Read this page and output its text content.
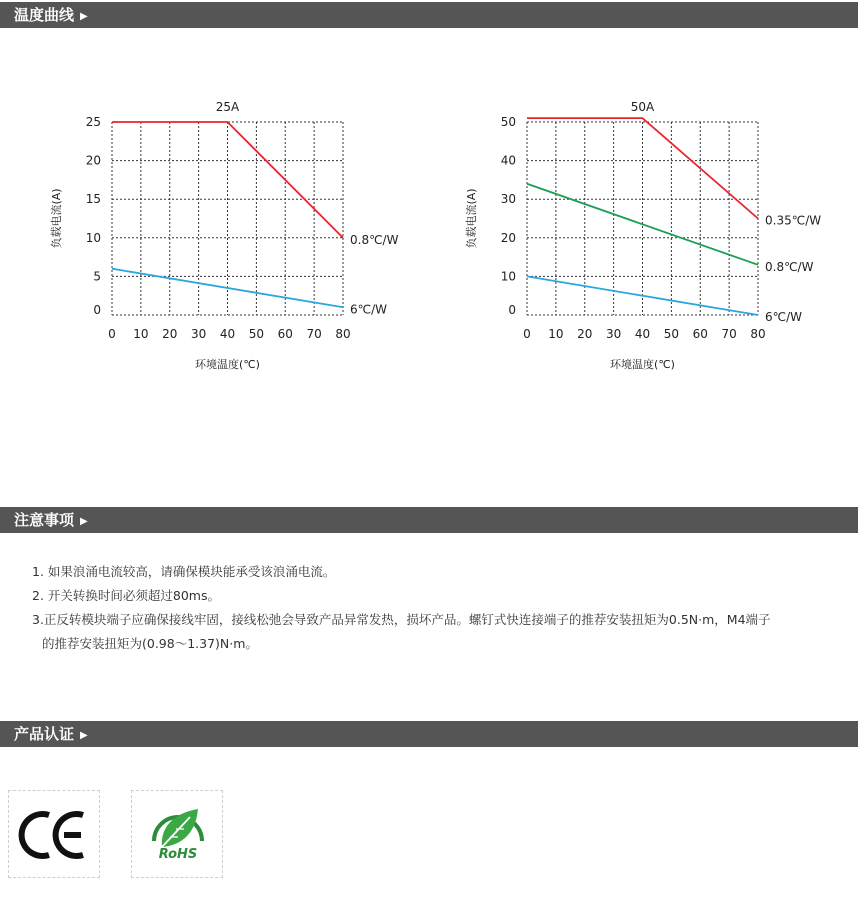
温度曲线 ▶
25A
0 10 20 30 40 50 60 70 80
0
5
10
15
20
25
环境温度(℃)
负载电流(A)	0.8℃/W
6℃/W
50A
0 10 20 30 40 50 60 70 80
0
10
20
30
40
50
环境温度(℃)
负载电流(A)	0.35℃/W
0.8℃/W
6℃/W
注意事项 ▶

1. 如果浪涌电流较高，请确保模块能承受该浪涌电流。

2. 开关转换时间必须超过80ms。

3.正反转模块端子应确保接线牢固，接线松弛会导致产品异常发热，损坏产品。螺钉式快连接端子的推荐安装扭矩为0.5N·m，M4端子

的推荐安装扭矩为(0.98～1.37)N·m。

产品认证 ▶
RoHS
